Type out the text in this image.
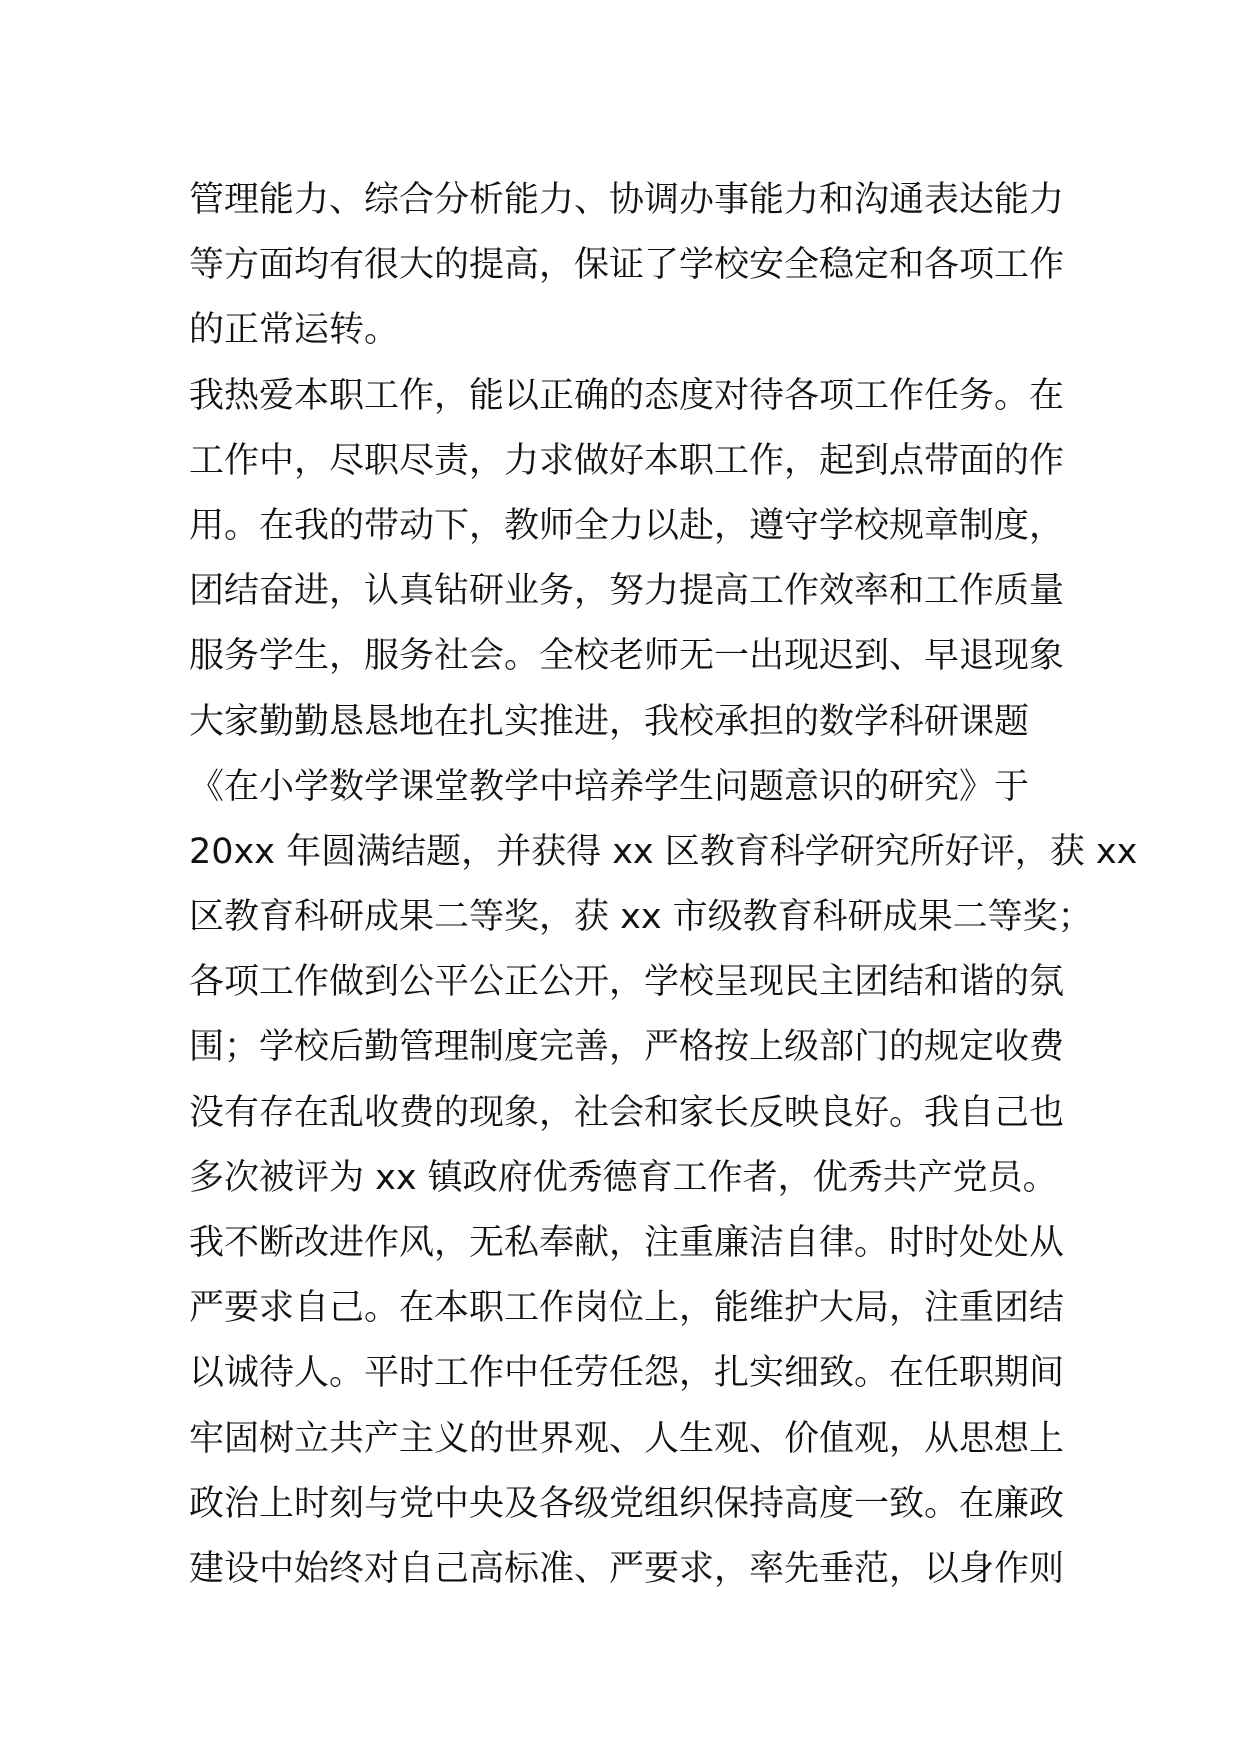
管理能力、综合分析能力、协调办事能力和沟通表达能力
等方面均有很大的提高，保证了学校安全稳定和各项工作
的正常运转。
我热爱本职工作，能以正确的态度对待各项工作任务。在
工作中，尽职尽责，力求做好本职工作，起到点带面的作
用。在我的带动下，教师全力以赴，遵守学校规章制度，
团结奋进，认真钻研业务，努力提高工作效率和工作质量
服务学生，服务社会。全校老师无一出现迟到、早退现象
大家勤勤恳恳地在扎实推进，我校承担的数学科研课题
《在小学数学课堂教学中培养学生问题意识的研究》于
20xx 年圆满结题，并获得 xx 区教育科学研究所好评，获 xx
区教育科研成果二等奖，获 xx 市级教育科研成果二等奖；
各项工作做到公平公正公开，学校呈现民主团结和谐的氛
围；学校后勤管理制度完善，严格按上级部门的规定收费
没有存在乱收费的现象，社会和家长反映良好。我自己也
多次被评为 xx 镇政府优秀德育工作者，优秀共产党员。
我不断改进作风，无私奉献，注重廉洁自律。时时处处从
严要求自己。在本职工作岗位上，能维护大局，注重团结
以诚待人。平时工作中任劳任怨，扎实细致。在任职期间
牢固树立共产主义的世界观、人生观、价值观，从思想上
政治上时刻与党中央及各级党组织保持高度一致。在廉政
建设中始终对自己高标准、严要求，率先垂范，以身作则
